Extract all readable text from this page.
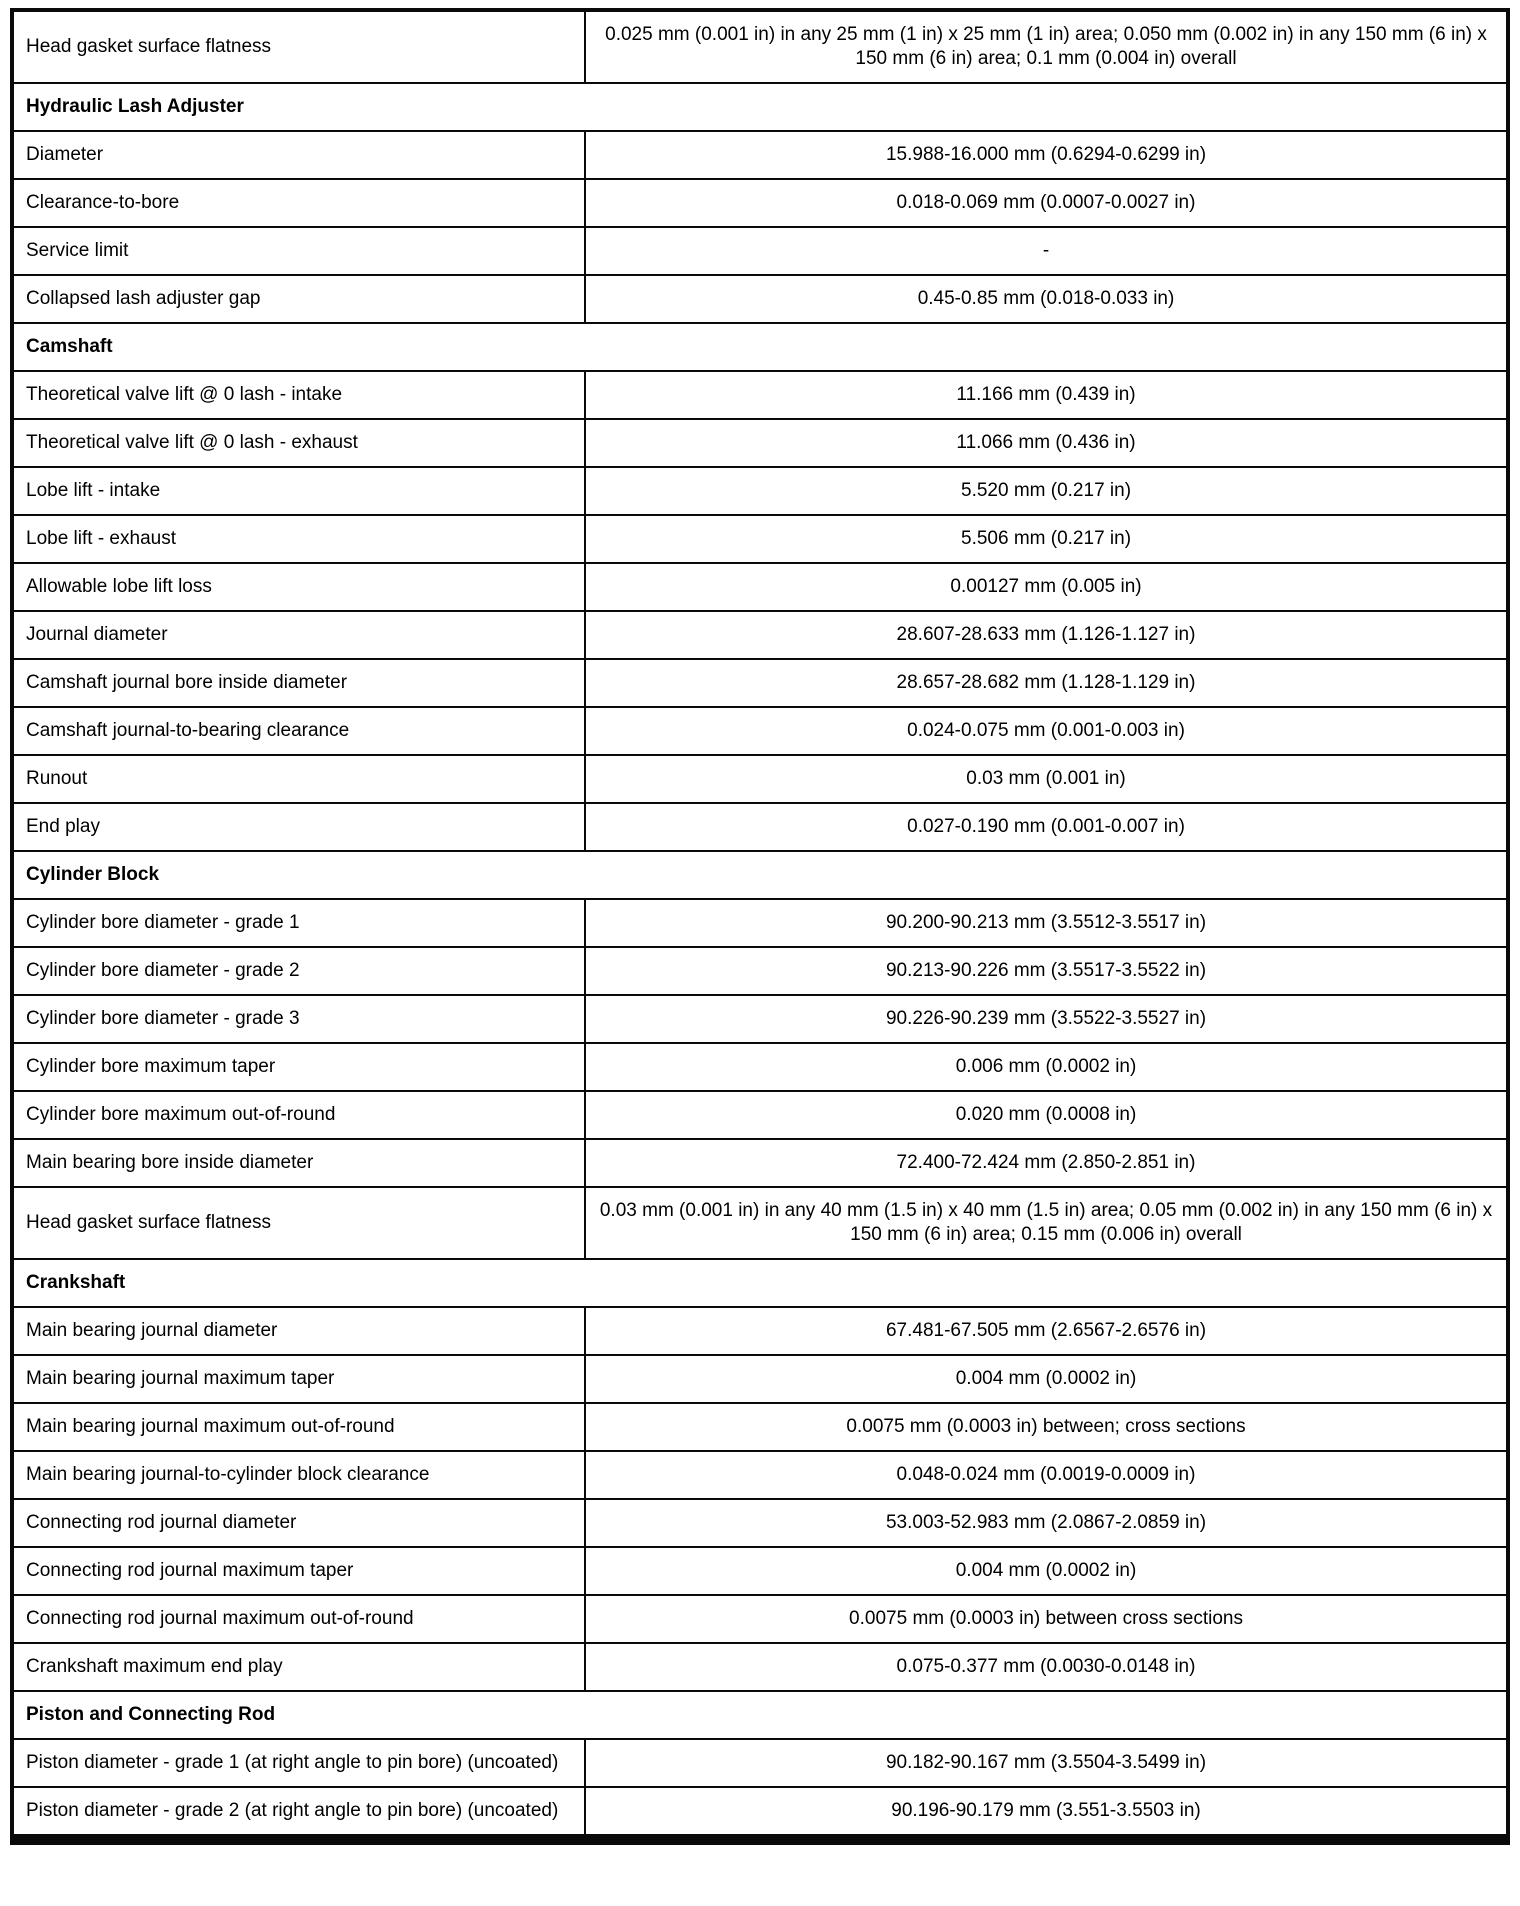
Head gasket surface flatness	0.025 mm (0.001 in) in any 25 mm (1 in) x 25 mm (1 in) area; 0.050 mm (0.002 in) in any 150 mm (6 in) x 150 mm (6 in) area; 0.1 mm (0.004 in) overall
Hydraulic Lash Adjuster	
Diameter	15.988-16.000 mm (0.6294-0.6299 in)
Clearance-to-bore	0.018-0.069 mm (0.0007-0.0027 in)
Service limit	-
Collapsed lash adjuster gap	0.45-0.85 mm (0.018-0.033 in)
Camshaft	
Theoretical valve lift @ 0 lash - intake	11.166 mm (0.439 in)
Theoretical valve lift @ 0 lash - exhaust	11.066 mm (0.436 in)
Lobe lift - intake	5.520 mm (0.217 in)
Lobe lift - exhaust	5.506 mm (0.217 in)
Allowable lobe lift loss	0.00127 mm (0.005 in)
Journal diameter	28.607-28.633 mm (1.126-1.127 in)
Camshaft journal bore inside diameter	28.657-28.682 mm (1.128-1.129 in)
Camshaft journal-to-bearing clearance	0.024-0.075 mm (0.001-0.003 in)
Runout	0.03 mm (0.001 in)
End play	0.027-0.190 mm (0.001-0.007 in)
Cylinder Block	
Cylinder bore diameter - grade 1	90.200-90.213 mm (3.5512-3.5517 in)
Cylinder bore diameter - grade 2	90.213-90.226 mm (3.5517-3.5522 in)
Cylinder bore diameter - grade 3	90.226-90.239 mm (3.5522-3.5527 in)
Cylinder bore maximum taper	0.006 mm (0.0002 in)
Cylinder bore maximum out-of-round	0.020 mm (0.0008 in)
Main bearing bore inside diameter	72.400-72.424 mm (2.850-2.851 in)
Head gasket surface flatness	0.03 mm (0.001 in) in any 40 mm (1.5 in) x 40 mm (1.5 in) area; 0.05 mm (0.002 in) in any 150 mm (6 in) x 150 mm (6 in) area; 0.15 mm (0.006 in) overall
Crankshaft	
Main bearing journal diameter	67.481-67.505 mm (2.6567-2.6576 in)
Main bearing journal maximum taper	0.004 mm (0.0002 in)
Main bearing journal maximum out-of-round	0.0075 mm (0.0003 in) between; cross sections
Main bearing journal-to-cylinder block clearance	0.048-0.024 mm (0.0019-0.0009 in)
Connecting rod journal diameter	53.003-52.983 mm (2.0867-2.0859 in)
Connecting rod journal maximum taper	0.004 mm (0.0002 in)
Connecting rod journal maximum out-of-round	0.0075 mm (0.0003 in) between cross sections
Crankshaft maximum end play	0.075-0.377 mm (0.0030-0.0148 in)
Piston and Connecting Rod	
Piston diameter - grade 1 (at right angle to pin bore) (uncoated)	90.182-90.167 mm (3.5504-3.5499 in)
Piston diameter - grade 2 (at right angle to pin bore) (uncoated)	90.196-90.179 mm (3.551-3.5503 in)
